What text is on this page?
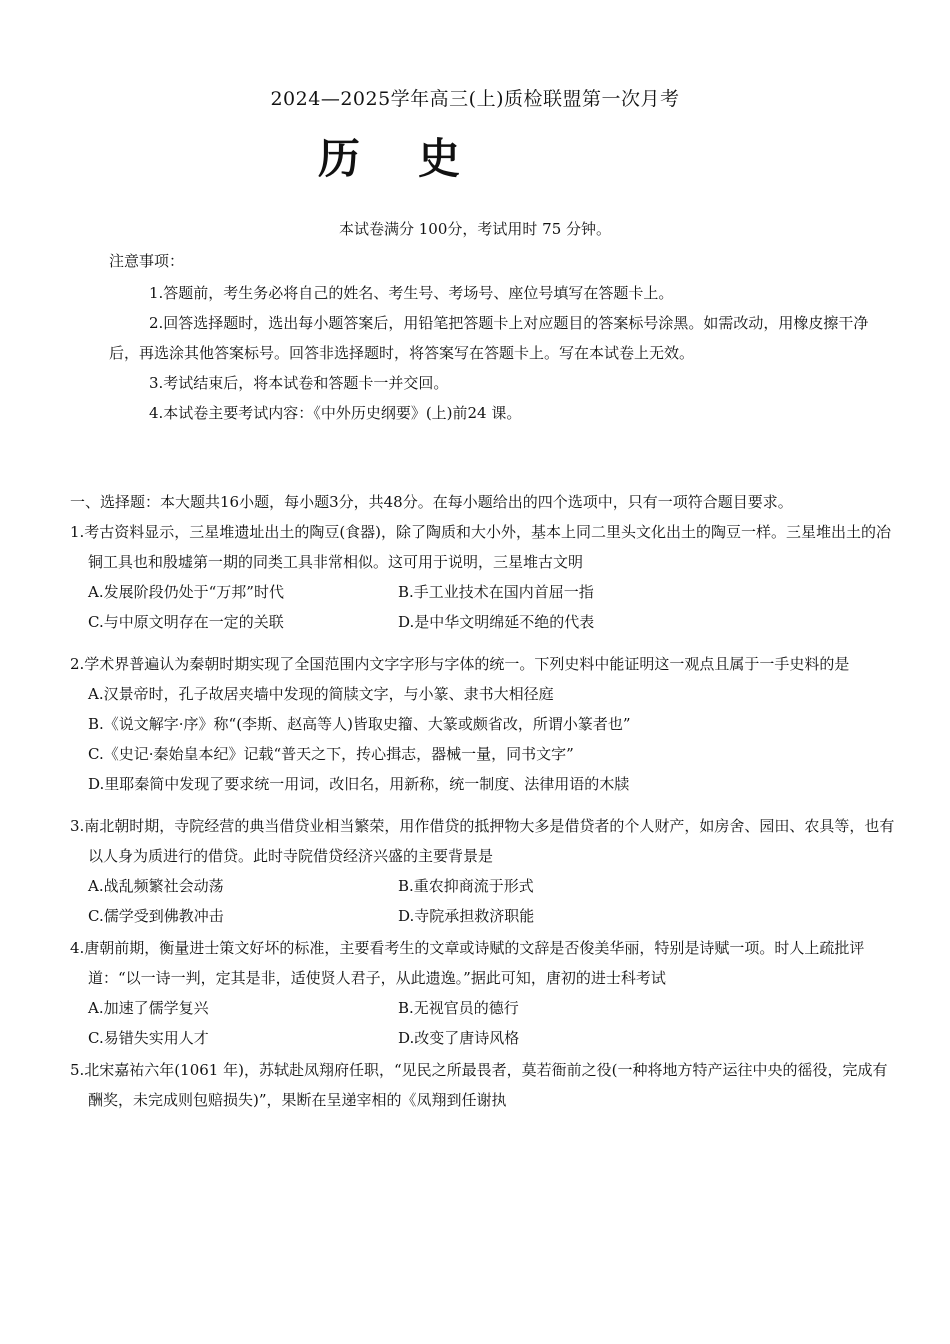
2024—2025学年高三(上)质检联盟第一次月考
历史
本试卷满分 100分，考试用时 75 分钟。
注意事项：

1.答题前，考生务必将自己的姓名、考生号、考场号、座位号填写在答题卡上。

2.回答选择题时，选出每小题答案后，用铅笔把答题卡上对应题目的答案标号涂黑。如需改动，用橡皮擦干净后，再选涂其他答案标号。回答非选择题时，将答案写在答题卡上。写在本试卷上无效。

3.考试结束后，将本试卷和答题卡一并交回。

4.本试卷主要考试内容：《中外历史纲要》(上)前24 课。

一、选择题：本大题共16小题，每小题3分，共48分。在每小题给出的四个选项中，只有一项符合题目要求。
1.考古资料显示，三星堆遗址出土的陶豆(食器)，除了陶质和大小外，基本上同二里头文化出土的陶豆一样。三星堆出土的冶铜工具也和殷墟第一期的同类工具非常相似。这可用于说明，三星堆古文明
A.发展阶段仍处于“万邦”时代	B.手工业技术在国内首屈一指
C.与中原文明存在一定的关联	D.是中华文明绵延不绝的代表
2.学术界普遍认为秦朝时期实现了全国范围内文字字形与字体的统一。下列史料中能证明这一观点且属于一手史料的是
A.汉景帝时，孔子故居夹墙中发现的简牍文字，与小篆、隶书大相径庭
B.《说文解字·序》称“(李斯、赵高等人)皆取史籀、大篆或颇省改，所谓小篆者也”
C.《史记·秦始皇本纪》记载“普天之下，抟心揖志，器械一量，同书文字”
D.里耶秦简中发现了要求统一用词，改旧名，用新称，统一制度、法律用语的木牍
3.南北朝时期，寺院经营的典当借贷业相当繁荣，用作借贷的抵押物大多是借贷者的个人财产，如房舍、园田、农具等，也有以人身为质进行的借贷。此时寺院借贷经济兴盛的主要背景是
A.战乱频繁社会动荡	B.重农抑商流于形式
C.儒学受到佛教冲击	D.寺院承担救济职能
4.唐朝前期，衡量进士策文好坏的标准，主要看考生的文章或诗赋的文辞是否俊美华丽，特别是诗赋一项。时人上疏批评道：“以一诗一判，定其是非，适使贤人君子，从此遗逸。”据此可知，唐初的进士科考试
A.加速了儒学复兴	B.无视官员的德行
C.易错失实用人才	D.改变了唐诗风格
5.北宋嘉祐六年(1061 年)，苏轼赴凤翔府任职，“见民之所最畏者，莫若衙前之役(一种将地方特产运往中央的徭役，完成有酬奖，未完成则包赔损失)”，果断在呈递宰相的《凤翔到任谢执
